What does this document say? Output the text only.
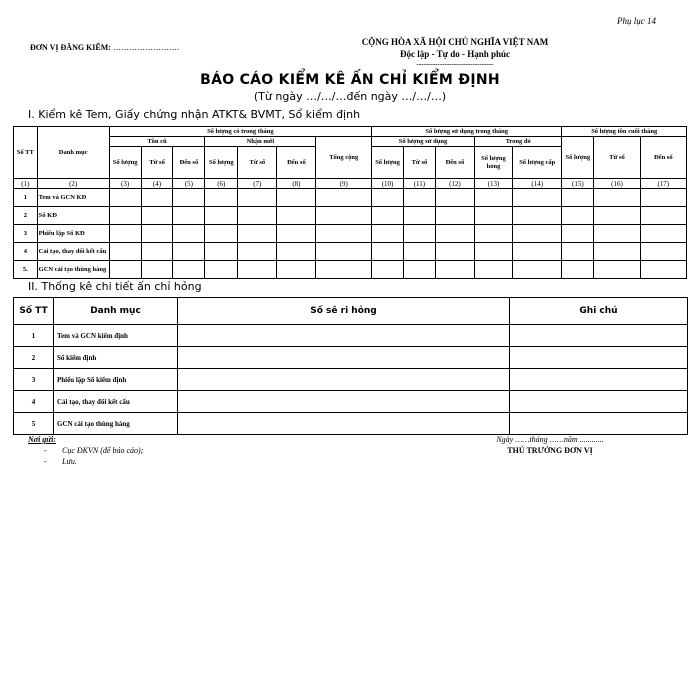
Phụ lục 14
ĐƠN VỊ ĐĂNG KIỂM: …………………….
CỘNG HÒA XÃ HỘI CHỦ NGHĨA VIỆT NAM
Độc lập - Tự do - Hạnh phúc
---------------------------------
BÁO CÁO KIỂM KÊ ẤN CHỈ KIỂM ĐỊNH
(Từ ngày …/…/…đến ngày …/…/…)
I. Kiểm kê Tem, Giấy chứng nhận ATKT& BVMT, Sổ kiểm định
Số TT	Danh mục	Số lượng có trong tháng							Số lượng sử dụng trong tháng					Số lượng tồn cuối tháng		
		Tồn cũ			Nhận mới			Tổng cộng	Số lượng sử dụng			Trong đó		Số lượng	Từ số	Đến số
		Số lượng	Từ số	Đến số	Số lượng	Từ số	Đến số		Số lượng	Từ số	Đến số	Số lượng hỏng	Số lượng cấp			
(1)	(2)	(3)	(4)	(5)	(6)	(7)	(8)	(9)	(10)	(11)	(12)	(13)	(14)	(15)	(16)	(17)
1	Tem và GCN KĐ															
2	Sổ KĐ															
3	Phiếu lập Sổ KĐ															
4	Cải tạo, thay đổi kết cấu															
5.	GCN cải tạo thùng hàng															
II. Thống kê chi tiết ấn chỉ hỏng
Số TT	Danh mục	Số sê ri hỏng	Ghi chú
1	Tem và GCN kiểm định		
2	Sổ kiểm định		
3	Phiếu lập Sổ kiểm định		
4	Cải tạo, thay đổi kết cấu		
5	GCN cải tạo thùng hàng		
Nơi gửi:
- Cục ĐKVN (để báo cáo);
- Lưu.
Ngày ……tháng ……năm ............
THỦ TRƯỞNG ĐƠN VỊ
